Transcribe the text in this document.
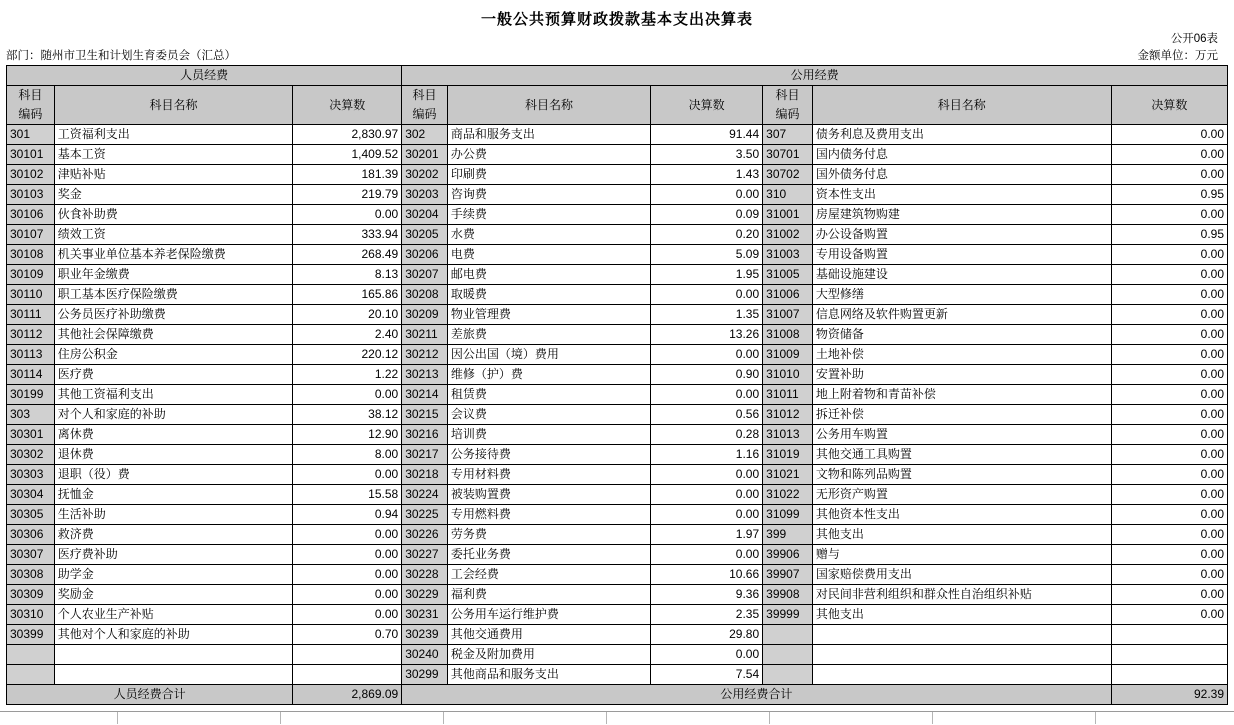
一般公共预算财政拨款基本支出决算表
公开06表
部门：随州市卫生和计划生育委员会（汇总）	金额单位：万元
人员经费			公用经费					

科目
编码
	科目名称	决算数	
科目
编码
	科目名称	决算数	
科目
编码
	科目名称	决算数
301	工资福利支出	2,830.97	302	商品和服务支出	91.44	307	债务利息及费用支出	0.00
30101	基本工资	1,409.52	30201	办公费	3.50	30701	国内债务付息	0.00
30102	津贴补贴	181.39	30202	印刷费	1.43	30702	国外债务付息	0.00
30103	奖金	219.79	30203	咨询费	0.00	310	资本性支出	0.95
30106	伙食补助费	0.00	30204	手续费	0.09	31001	房屋建筑物购建	0.00
30107	绩效工资	333.94	30205	水费	0.20	31002	办公设备购置	0.95
30108	机关事业单位基本养老保险缴费	268.49	30206	电费	5.09	31003	专用设备购置	0.00
30109	职业年金缴费	8.13	30207	邮电费	1.95	31005	基础设施建设	0.00
30110	职工基本医疗保险缴费	165.86	30208	取暖费	0.00	31006	大型修缮	0.00
30111	公务员医疗补助缴费	20.10	30209	物业管理费	1.35	31007	信息网络及软件购置更新	0.00
30112	其他社会保障缴费	2.40	30211	差旅费	13.26	31008	物资储备	0.00
30113	住房公积金	220.12	30212	因公出国（境）费用	0.00	31009	土地补偿	0.00
30114	医疗费	1.22	30213	维修（护）费	0.90	31010	安置补助	0.00
30199	其他工资福利支出	0.00	30214	租赁费	0.00	31011	地上附着物和青苗补偿	0.00
303	对个人和家庭的补助	38.12	30215	会议费	0.56	31012	拆迁补偿	0.00
30301	离休费	12.90	30216	培训费	0.28	31013	公务用车购置	0.00
30302	退休费	8.00	30217	公务接待费	1.16	31019	其他交通工具购置	0.00
30303	退职（役）费	0.00	30218	专用材料费	0.00	31021	文物和陈列品购置	0.00
30304	抚恤金	15.58	30224	被装购置费	0.00	31022	无形资产购置	0.00
30305	生活补助	0.94	30225	专用燃料费	0.00	31099	其他资本性支出	0.00
30306	救济费	0.00	30226	劳务费	1.97	399	其他支出	0.00
30307	医疗费补助	0.00	30227	委托业务费	0.00	39906	赠与	0.00
30308	助学金	0.00	30228	工会经费	10.66	39907	国家赔偿费用支出	0.00
30309	奖励金	0.00	30229	福利费	9.36	39908	对民间非营利组织和群众性自治组织补贴	0.00
30310	个人农业生产补贴	0.00	30231	公务用车运行维护费	2.35	39999	其他支出	0.00
30399	其他对个人和家庭的补助	0.70	30239	其他交通费用	29.80			
			30240	税金及附加费用	0.00			
			30299	其他商品和服务支出	7.54			
人员经费合计		2,869.09	公用经费合计					92.39
